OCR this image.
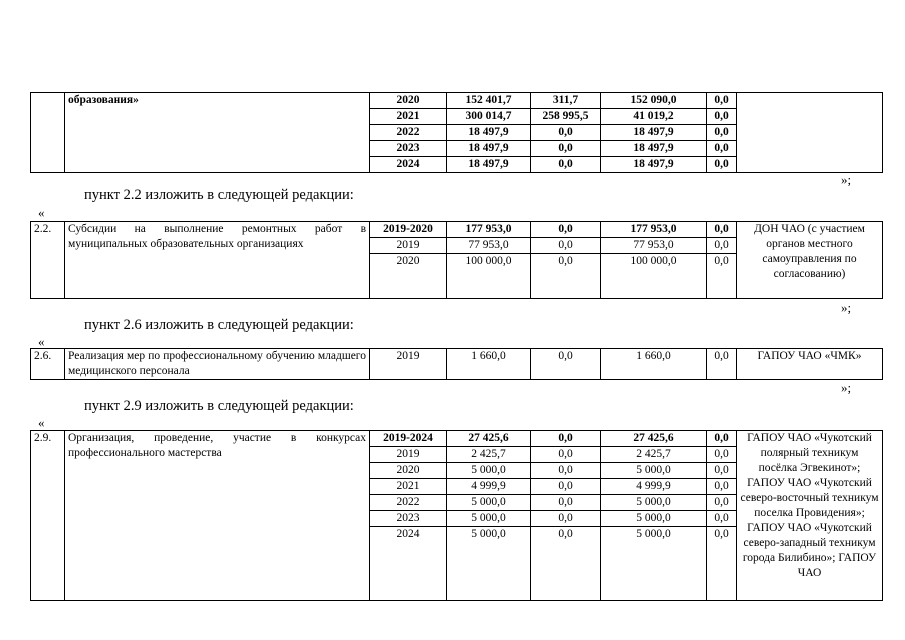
	образования»	2020	152 401,7	311,7	152 090,0	0,0	
		2021	300 014,7	258 995,5	41 019,2	0,0	
		2022	18 497,9	0,0	18 497,9	0,0	
		2023	18 497,9	0,0	18 497,9	0,0	
		2024	18 497,9	0,0	18 497,9	0,0	
»;
пункт 2.2 изложить в следующей редакции:
«
2.2.	Субсидии на выполнение ремонтных работ в муниципальных образовательных организациях	2019-2020	177 953,0	0,0	177 953,0	0,0	ДОН ЧАО (с участием органов местного самоуправления по согласованию)
		2019	77 953,0	0,0	77 953,0	0,0	
		2020	100 000,0	0,0	100 000,0	0,0	
»;
пункт 2.6 изложить в следующей редакции:
«
2.6.	Реализация мер по профессиональному обучению младшего медицинского персонала	2019	1 660,0	0,0	1 660,0	0,0	ГАПОУ ЧАО «ЧМК»
»;
пункт 2.9 изложить в следующей редакции:
«
2.9.	Организация, проведение, участие в конкурсах профессионального мастерства	2019-2024	27 425,6	0,0	27 425,6	0,0	ГАПОУ ЧАО «Чукотский полярный техникум посёлка Эгвекинот»; ГАПОУ ЧАО «Чукотский северо-восточный техникум поселка Провидения»; ГАПОУ ЧАО «Чукотский северо-западный техникум города Билибино»; ГАПОУ ЧАО
		2019	2 425,7	0,0	2 425,7	0,0	
		2020	5 000,0	0,0	5 000,0	0,0	
		2021	4 999,9	0,0	4 999,9	0,0	
		2022	5 000,0	0,0	5 000,0	0,0	
		2023	5 000,0	0,0	5 000,0	0,0	
		2024	5 000,0	0,0	5 000,0	0,0	
